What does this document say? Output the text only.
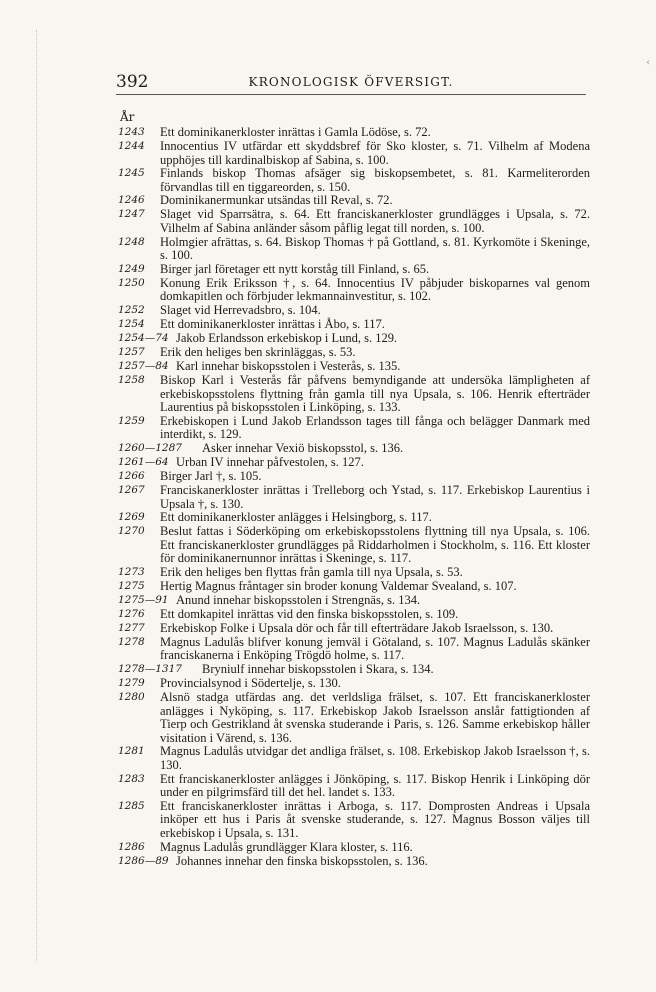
‹
392	KRONOLOGISK ÖFVERSIGT.
År
1243 Ett dominikanerkloster inrättas i Gamla Lödöse, s. 72.
1244 Innocentius IV utfärdar ett skyddsbref för Sko kloster, s. 71. Vilhelm af Modena upphöjes till kardinalbiskop af Sabina, s. 100.
1245 Finlands biskop Thomas afsäger sig biskopsembetet, s. 81. Karmeliterorden förvandlas till en tiggareorden, s. 150.
1246 Dominikanermunkar utsändas till Reval, s. 72.
1247 Slaget vid Sparrsätra, s. 64. Ett franciskanerkloster grundlägges i Upsala, s. 72. Vilhelm af Sabina anländer såsom påflig legat till norden, s. 100.
1248 Holmgier afrättas, s. 64. Biskop Thomas † på Gottland, s. 81. Kyrkomöte i Skeninge, s. 100.
1249 Birger jarl företager ett nytt korståg till Finland, s. 65.
1250 Konung Erik Eriksson †, s. 64. Innocentius IV påbjuder biskoparnes val genom domkapitlen och förbjuder lekmannainvestitur, s. 102.
1252 Slaget vid Herrevadsbro, s. 104.
1254 Ett dominikanerkloster inrättas i Åbo, s. 117.
1254—74 Jakob Erlandsson erkebiskop i Lund, s. 129.
1257 Erik den heliges ben skrinläggas, s. 53.
1257—84 Karl innehar biskopsstolen i Vesterås, s. 135.
1258 Biskop Karl i Vesterås får påfvens bemyndigande att undersöka lämpligheten af erkebiskopsstolens flyttning från gamla till nya Upsala, s. 106. Henrik efterträder Laurentius på biskopsstolen i Linköping, s. 133.
1259 Erkebiskopen i Lund Jakob Erlandsson tages till fånga och belägger Danmark med interdikt, s. 129.
1260—1287 Asker innehar Vexiö biskopsstol, s. 136.
1261—64 Urban IV innehar påfvestolen, s. 127.
1266 Birger Jarl †, s. 105.
1267 Franciskanerkloster inrättas i Trelleborg och Ystad, s. 117. Erkebiskop Laurentius i Upsala †, s. 130.
1269 Ett dominikanerkloster anlägges i Helsingborg, s. 117.
1270 Beslut fattas i Söderköping om erkebiskopsstolens flyttning till nya Upsala, s. 106. Ett franciskanerkloster grundlägges på Riddarholmen i Stockholm, s. 116. Ett kloster för dominikanernunnor inrättas i Skeninge, s. 117.
1273 Erik den heliges ben flyttas från gamla till nya Upsala, s. 53.
1275 Hertig Magnus fråntager sin broder konung Valdemar Svealand, s. 107.
1275—91 Anund innehar biskopsstolen i Strengnäs, s. 134.
1276 Ett domkapitel inrättas vid den finska biskopsstolen, s. 109.
1277 Erkebiskop Folke i Upsala dör och får till efterträdare Jakob Israelsson, s. 130.
1278 Magnus Ladulås blifver konung jemväl i Götaland, s. 107. Magnus Ladulås skänker franciskanerna i Enköping Trögdö holme, s. 117.
1278—1317 Bryniulf innehar biskopsstolen i Skara, s. 134.
1279 Provincialsynod i Södertelje, s. 130.
1280 Alsnö stadga utfärdas ang. det verldsliga frälset, s. 107. Ett franciskanerkloster anlägges i Nyköping, s. 117. Erkebiskop Jakob Israelsson anslår fattigtionden af Tierp och Gestrikland åt svenska studerande i Paris, s. 126. Samme erkebiskop håller visitation i Värend, s. 136.
1281 Magnus Ladulås utvidgar det andliga frälset, s. 108. Erkebiskop Jakob Israelsson †, s. 130.
1283 Ett franciskanerkloster anlägges i Jönköping, s. 117. Biskop Henrik i Linköping dör under en pilgrimsfärd till det hel. landet s. 133.
1285 Ett franciskanerkloster inrättas i Arboga, s. 117. Domprosten Andreas i Upsala inköper ett hus i Paris åt svenske studerande, s. 127. Magnus Bosson väljes till erkebiskop i Upsala, s. 131.
1286 Magnus Ladulås grundlägger Klara kloster, s. 116.
1286—89 Johannes innehar den finska biskopsstolen, s. 136.
